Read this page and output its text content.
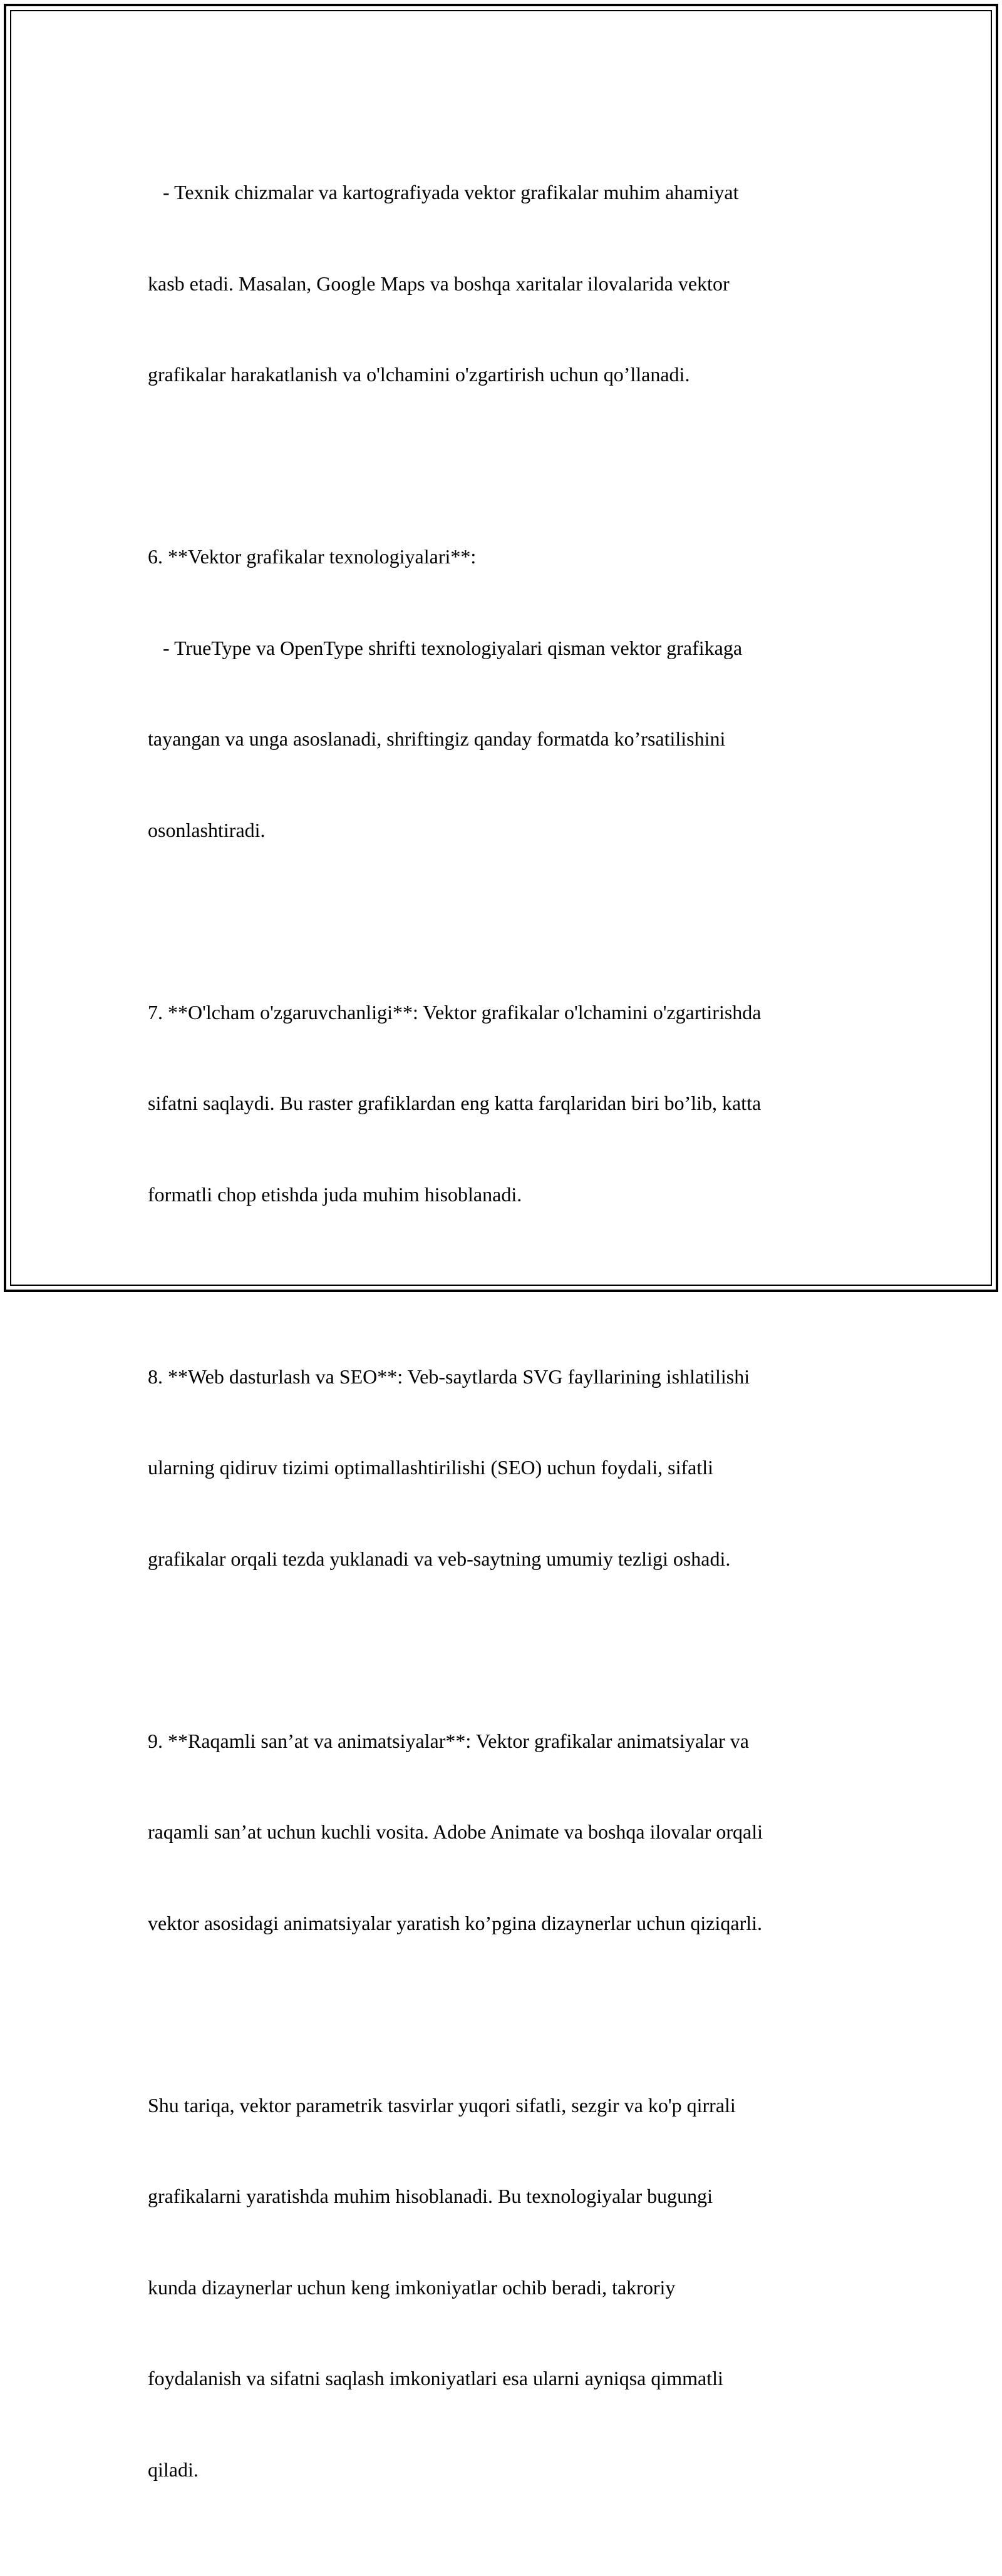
- Texnik chizmalar va kartografiyada vektor grafikalar muhim ahamiyat

kasb etadi. Masalan, Google Maps va boshqa xaritalar ilovalarida vektor

grafikalar harakatlanish va o'lchamini o'zgartirish uchun qo’llanadi.

6. **Vektor grafikalar texnologiyalari**:

- TrueType va OpenType shrifti texnologiyalari qisman vektor grafikaga

tayangan va unga asoslanadi, shriftingiz qanday formatda ko’rsatilishini

osonlashtiradi.

7. **O'lcham o'zgaruvchanligi**: Vektor grafikalar o'lchamini o'zgartirishda

sifatni saqlaydi. Bu raster grafiklardan eng katta farqlaridan biri bo’lib, katta

formatli chop etishda juda muhim hisoblanadi.

8. **Web dasturlash va SEO**: Veb-saytlarda SVG fayllarining ishlatilishi

ularning qidiruv tizimi optimallashtirilishi (SEO) uchun foydali, sifatli

grafikalar orqali tezda yuklanadi va veb-saytning umumiy tezligi oshadi.

9. **Raqamli san’at va animatsiyalar**: Vektor grafikalar animatsiyalar va

raqamli san’at uchun kuchli vosita. Adobe Animate va boshqa ilovalar orqali

vektor asosidagi animatsiyalar yaratish ko’pgina dizaynerlar uchun qiziqarli.

Shu tariqa, vektor parametrik tasvirlar yuqori sifatli, sezgir va ko'p qirrali

grafikalarni yaratishda muhim hisoblanadi. Bu texnologiyalar bugungi

kunda dizaynerlar uchun keng imkoniyatlar ochib beradi, takroriy

foydalanish va sifatni saqlash imkoniyatlari esa ularni ayniqsa qimmatli

qiladi.
